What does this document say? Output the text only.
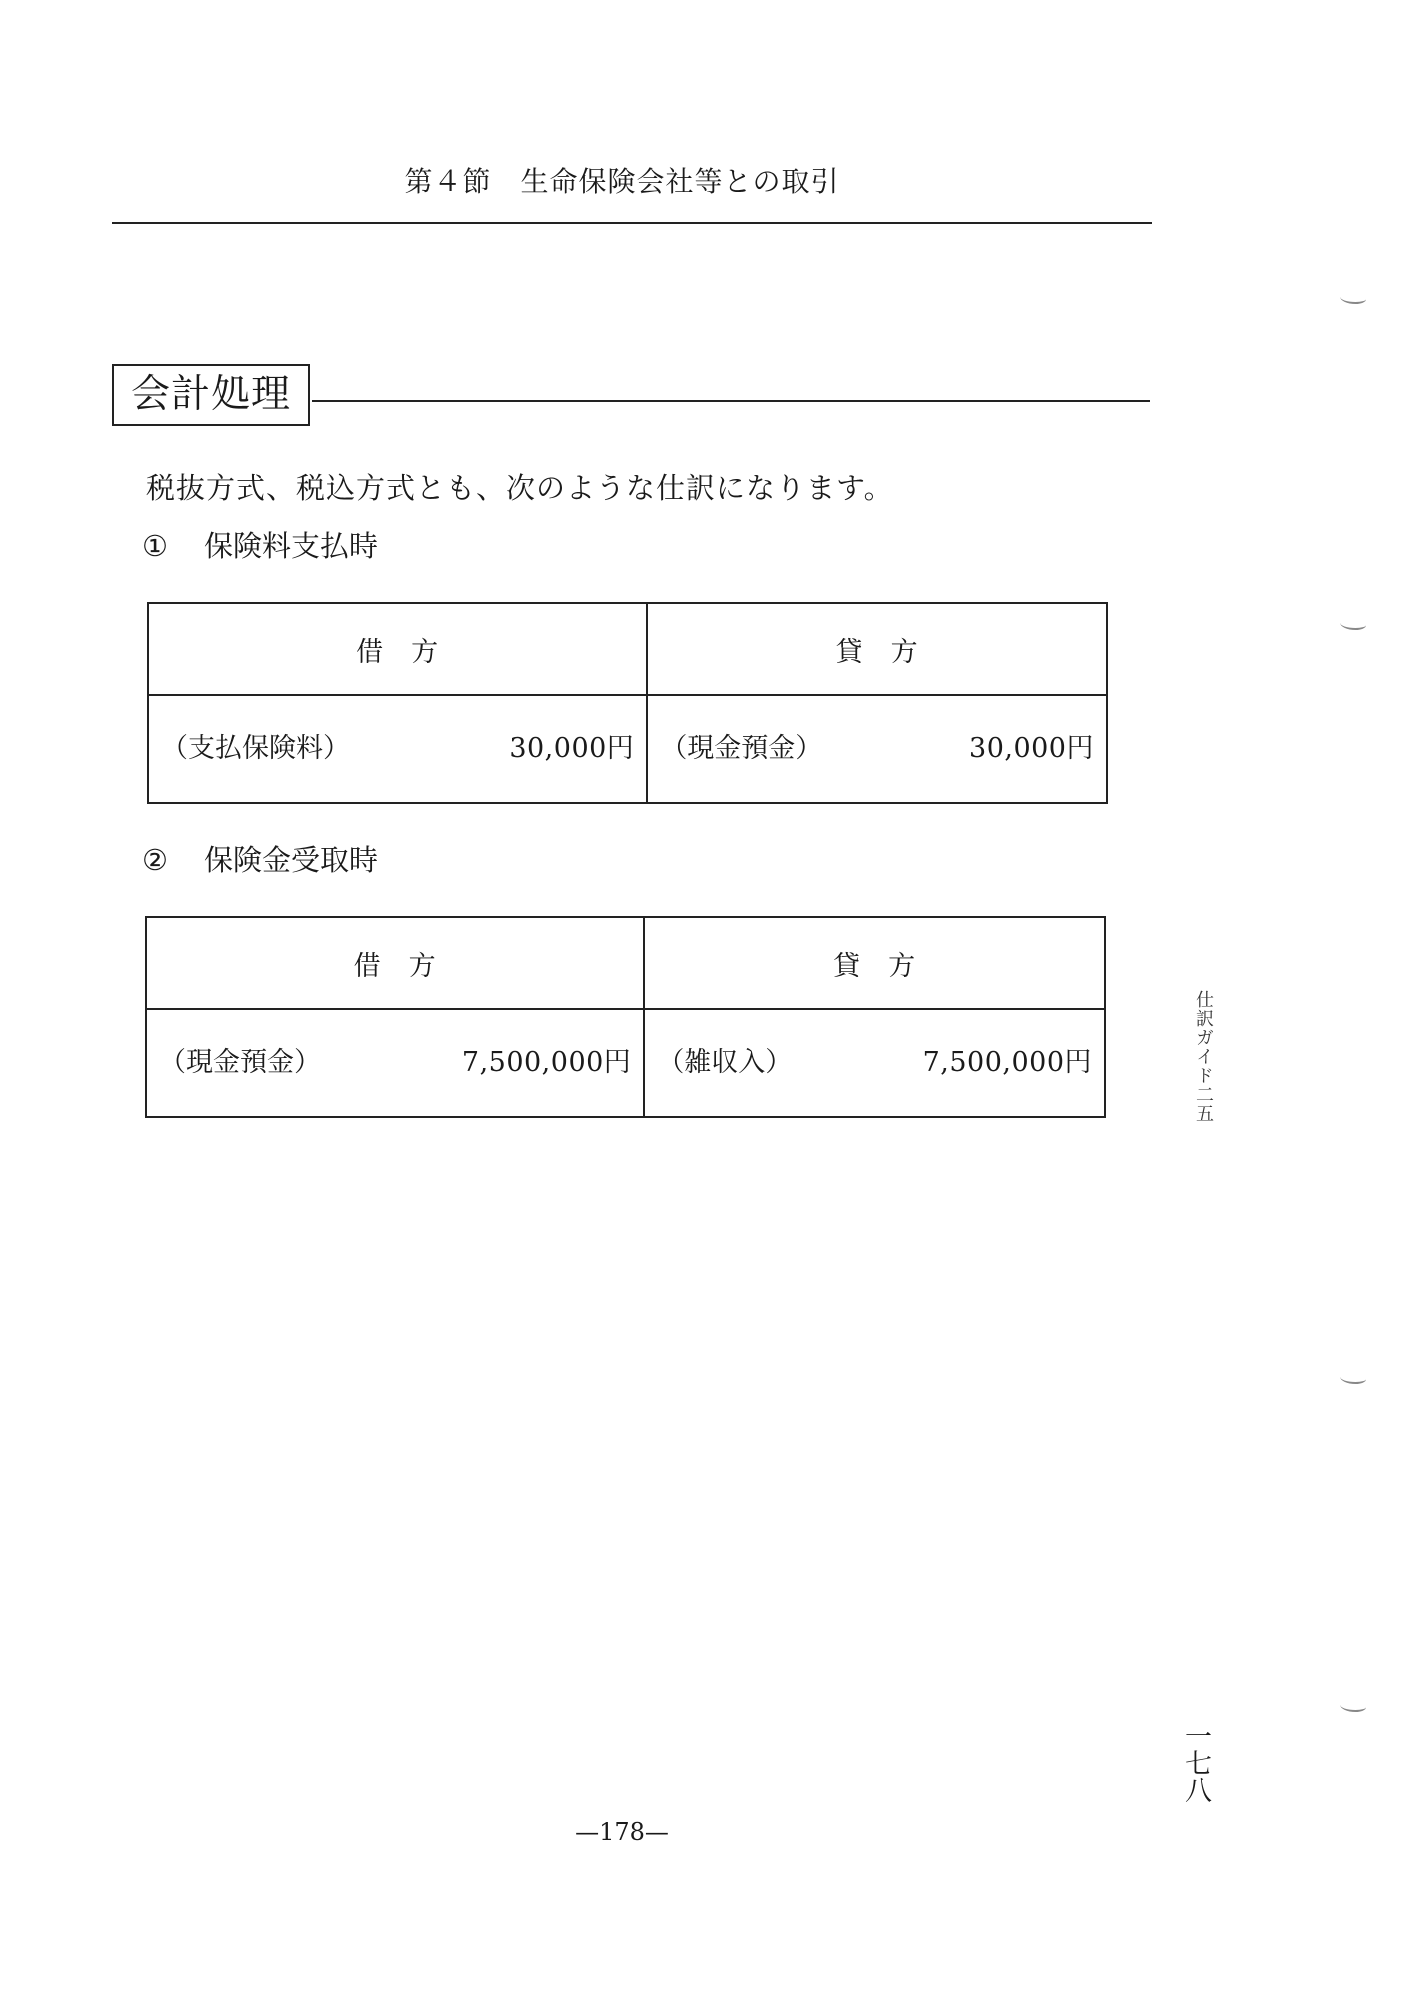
第４節　生命保険会社等との取引
会計処理
税抜方式、税込方式とも、次のような仕訳になります。
① 保険料支払時
借方	貸方

（支払保険料） 30,000円	（現金預金） 30,000円
② 保険金受取時
借方	貸方

（現金預金） 7,500,000円	（雑収入） 7,500,000円	仕訳ガイド二五
一七八
—178—
